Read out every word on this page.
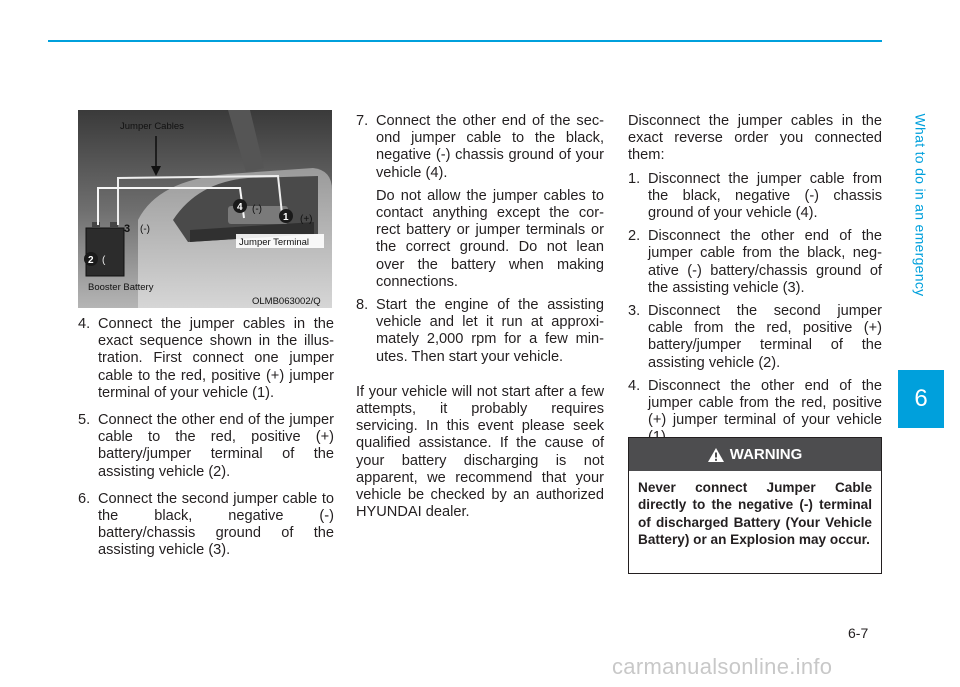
What to do in an emergency
6
Jumper Cables
Jumper Terminal
Booster Battery
OLMB063002/Q
1
2
3
4
(+)
(-)
(-)
(
4. Connect the jumper cables in the exact sequence shown in the illus- tration. First connect one jumper cable to the red, positive (+) jumper terminal of your vehicle (1).
5. Connect the other end of the jumper cable to the red, positive (+) battery/jumper terminal of the assisting vehicle (2).
6. Connect the second jumper cable to the black, negative (-) battery/chassis ground of the assisting vehicle (3).
7. Connect the other end of the sec- ond jumper cable to the black, negative (-) chassis ground of your vehicle (4).
Do not allow the jumper cables to contact anything except the cor- rect battery or jumper terminals or the correct ground. Do not lean over the battery when making connections.
8. Start the engine of the assisting vehicle and let it run at approxi- mately 2,000 rpm for a few min- utes. Then start your vehicle.

If your vehicle will not start after a few attempts, it probably requires servicing. In this event please seek qualified assistance. If the cause of your battery discharging is not apparent, we recommend that your vehicle be checked by an authorized HYUNDAI dealer.

Disconnect the jumper cables in the exact reverse order you connected them:

1. Disconnect the jumper cable from the black, negative (-) chassis ground of your vehicle (4).
2. Disconnect the other end of the jumper cable from the black, neg- ative (-) battery/chassis ground of the assisting vehicle (3).
3. Disconnect the second jumper cable from the red, positive (+) battery/jumper terminal of the assisting vehicle (2).
4. Disconnect the other end of the jumper cable from the red, positive (+) jumper terminal of your vehicle
WARNING
Never connect Jumper Cable directly to the negative (-) terminal of discharged Battery (Your Vehicle Battery) or an Explosion may occur.
6-7
carmanualsonline.info
